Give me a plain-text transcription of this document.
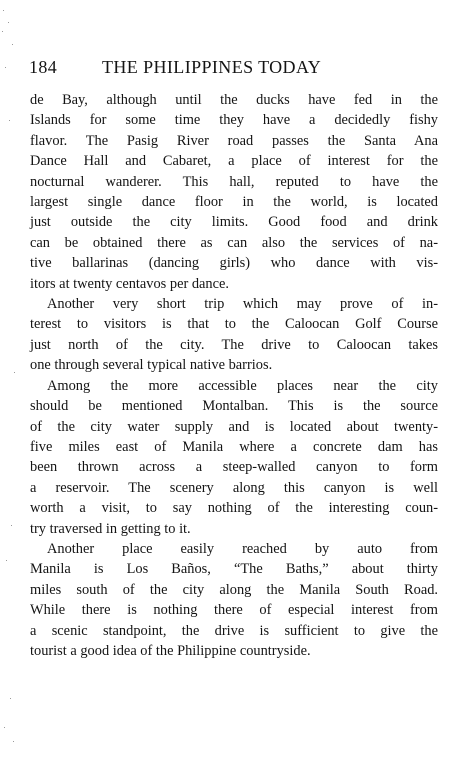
184 THE PHILIPPINES TODAY

de Bay, although until the ducks have fed in the
Islands for some time they have a decidedly fishy
flavor. The Pasig River road passes the Santa Ana
Dance Hall and Cabaret, a place of interest for the
nocturnal wanderer. This hall, reputed to have the
largest single dance floor in the world, is located
just outside the city limits. Good food and drink
can be obtained there as can also the services of na-
tive ballarinas (dancing girls) who dance with vis-
itors at twenty centavos per dance.

Another very short trip which may prove of in-
terest to visitors is that to the Caloocan Golf Course
just north of the city. The drive to Caloocan takes
one through several typical native barrios.

Among the more accessible places near the city
should be mentioned Montalban. This is the source
of the city water supply and is located about twenty-
five miles east of Manila where a concrete dam has
been thrown across a steep-walled canyon to form
a reservoir. The scenery along this canyon is well
worth a visit, to say nothing of the interesting coun-
try traversed in getting to it.

Another place easily reached by auto from
Manila is Los Baños, “The Baths,” about thirty
miles south of the city along the Manila South Road.
While there is nothing there of especial interest from
a scenic standpoint, the drive is sufficient to give the
tourist a good idea of the Philippine countryside.
